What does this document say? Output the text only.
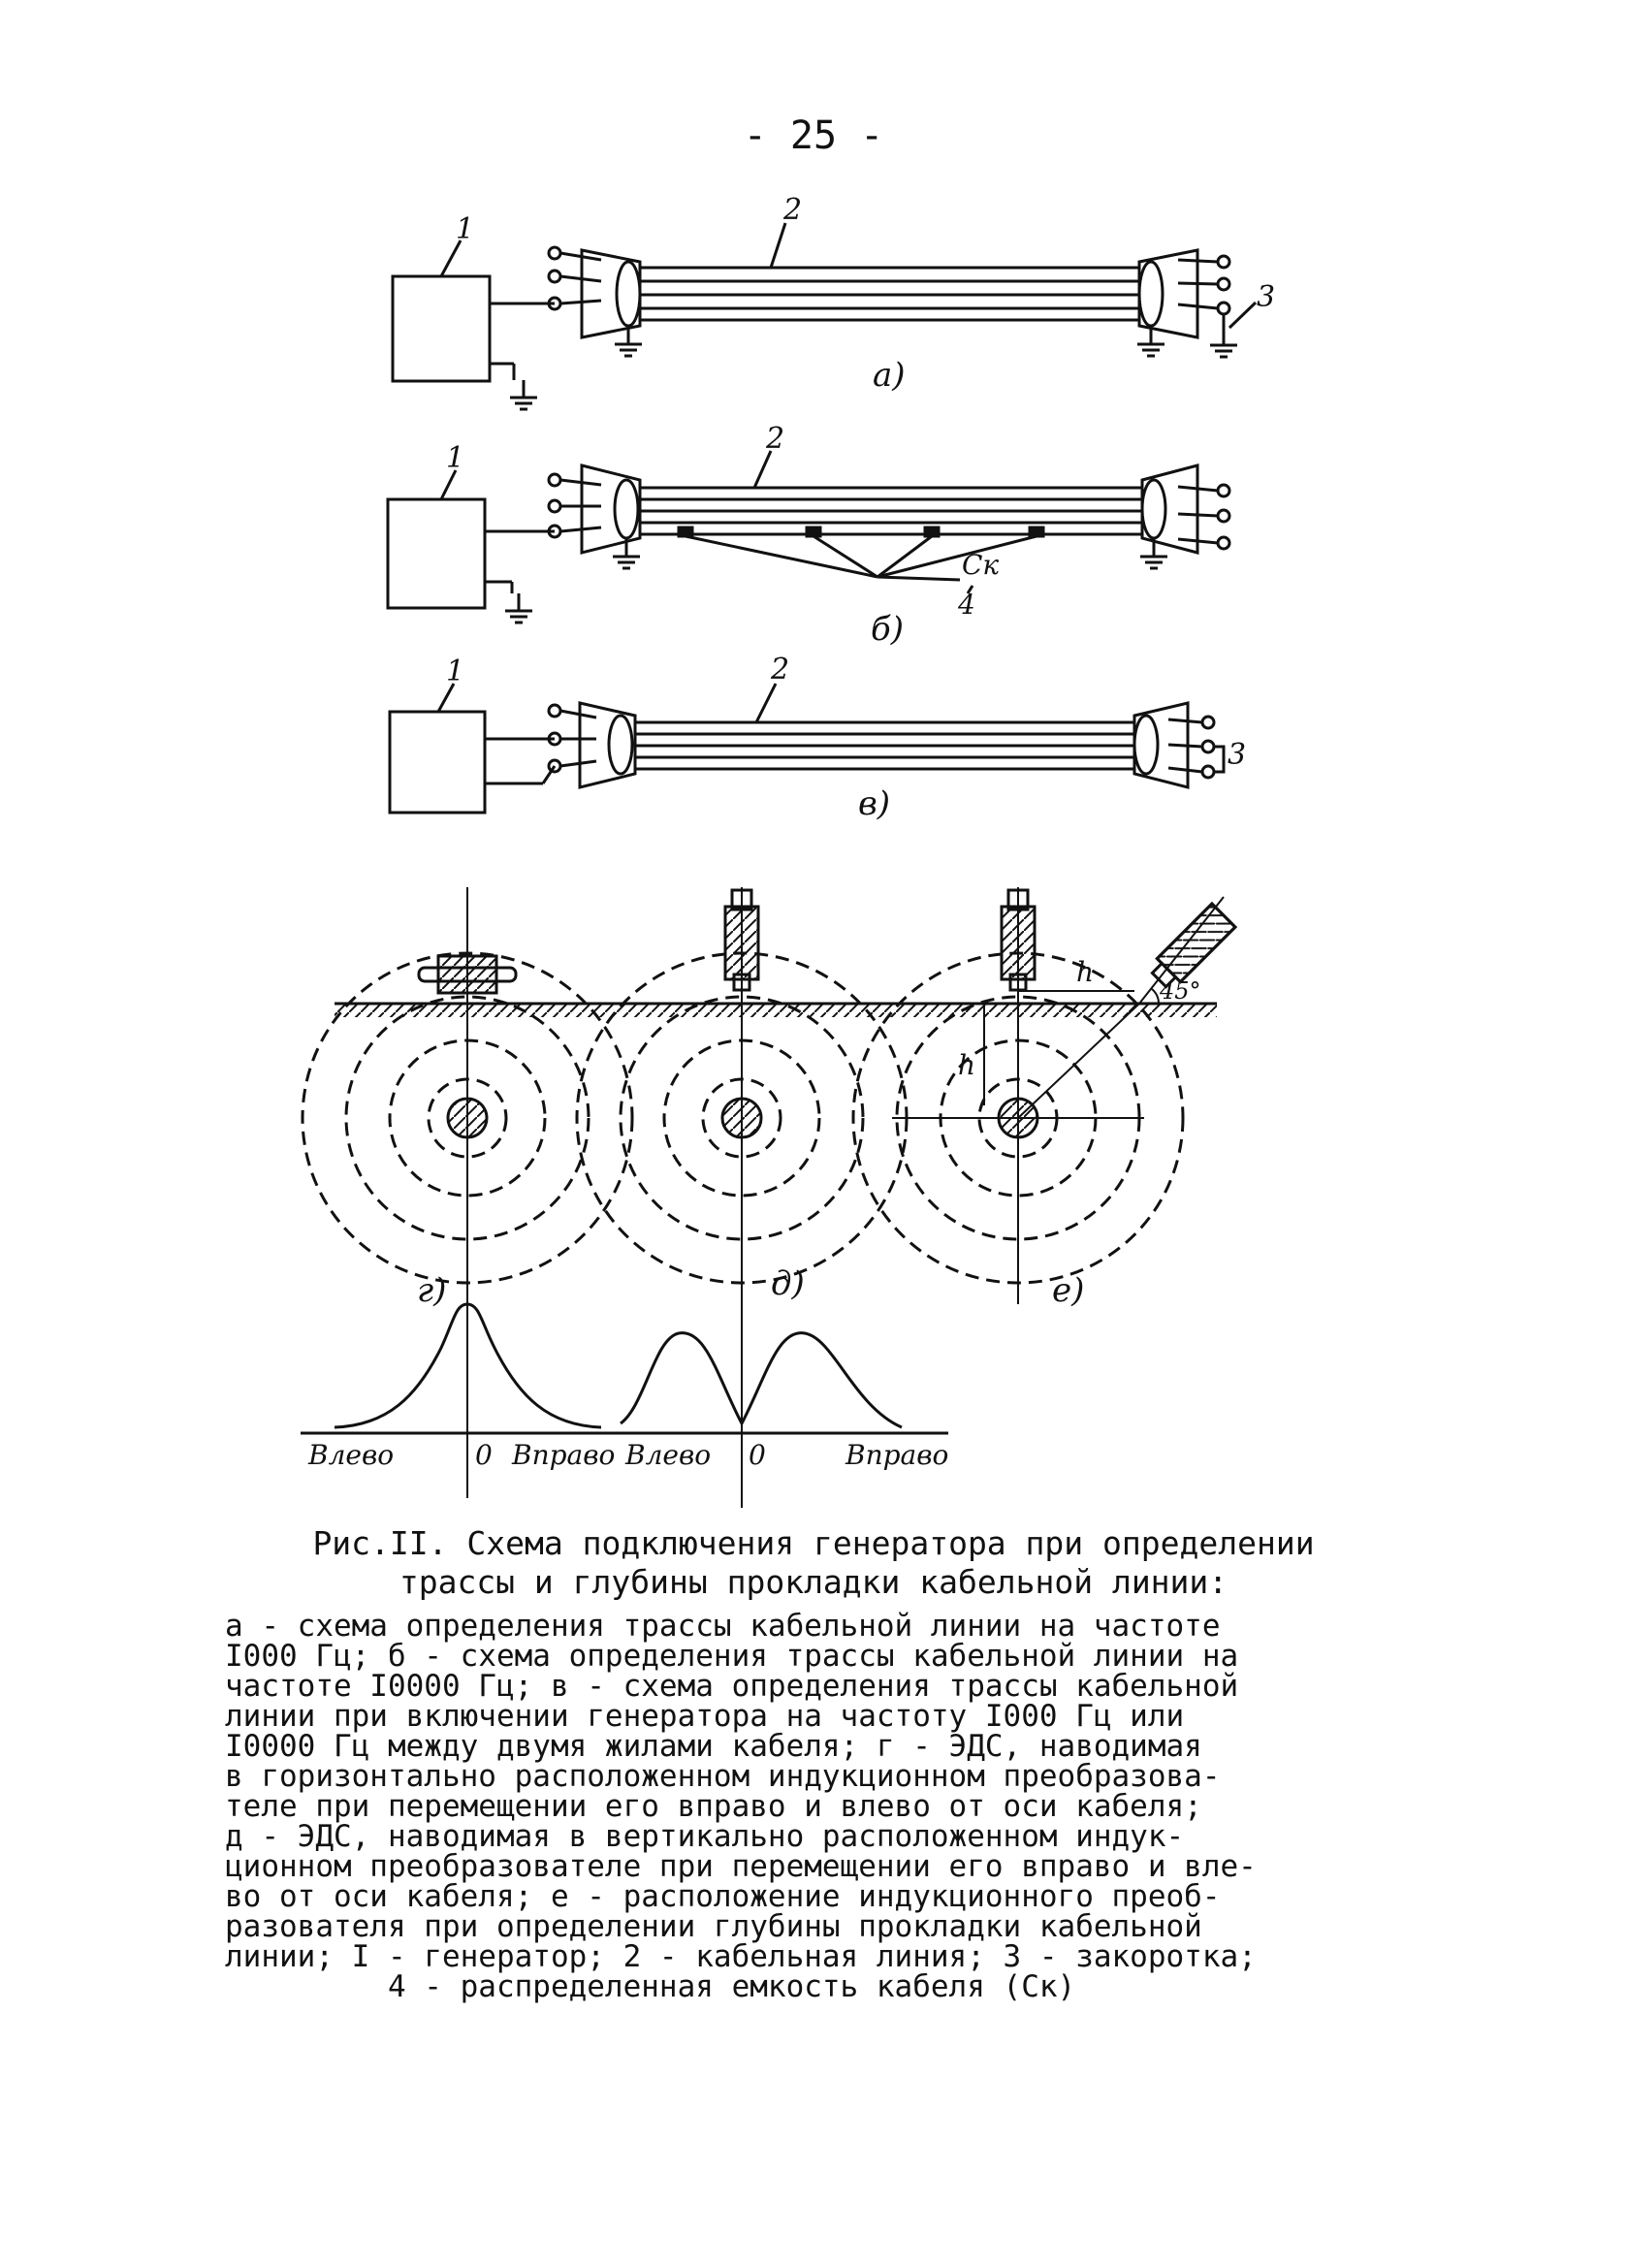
- 25 -
1
2
3
а)
1
2
Cк
4
б)
1	2
3
в)
г)	д)
h
h
45°
е)
Влево	0 Вправо Влево 0	Вправо
Рис.II. Схема подключения генератора при определении
трассы и глубины прокладки кабельной линии:
а - схема определения трассы кабельной линии на частоте
I000 Гц; б - схема определения трассы кабельной линии на
частоте I0000 Гц; в - схема определения трассы кабельной
линии при включении генератора на частоту I000 Гц или
I0000 Гц между двумя жилами кабеля; г - ЭДС, наводимая
в горизонтально расположенном индукционном преобразова-
теле при перемещении его вправо и влево от оси кабеля;
д - ЭДС, наводимая в вертикально расположенном индук-
ционном преобразователе при перемещении его вправо и вле-
во от оси кабеля; е - расположение индукционного преоб-
разователя при определении глубины прокладки кабельной
линии; I - генератор; 2 - кабельная линия; 3 - закоротка;
4 - распределенная емкость кабеля (Cк)
